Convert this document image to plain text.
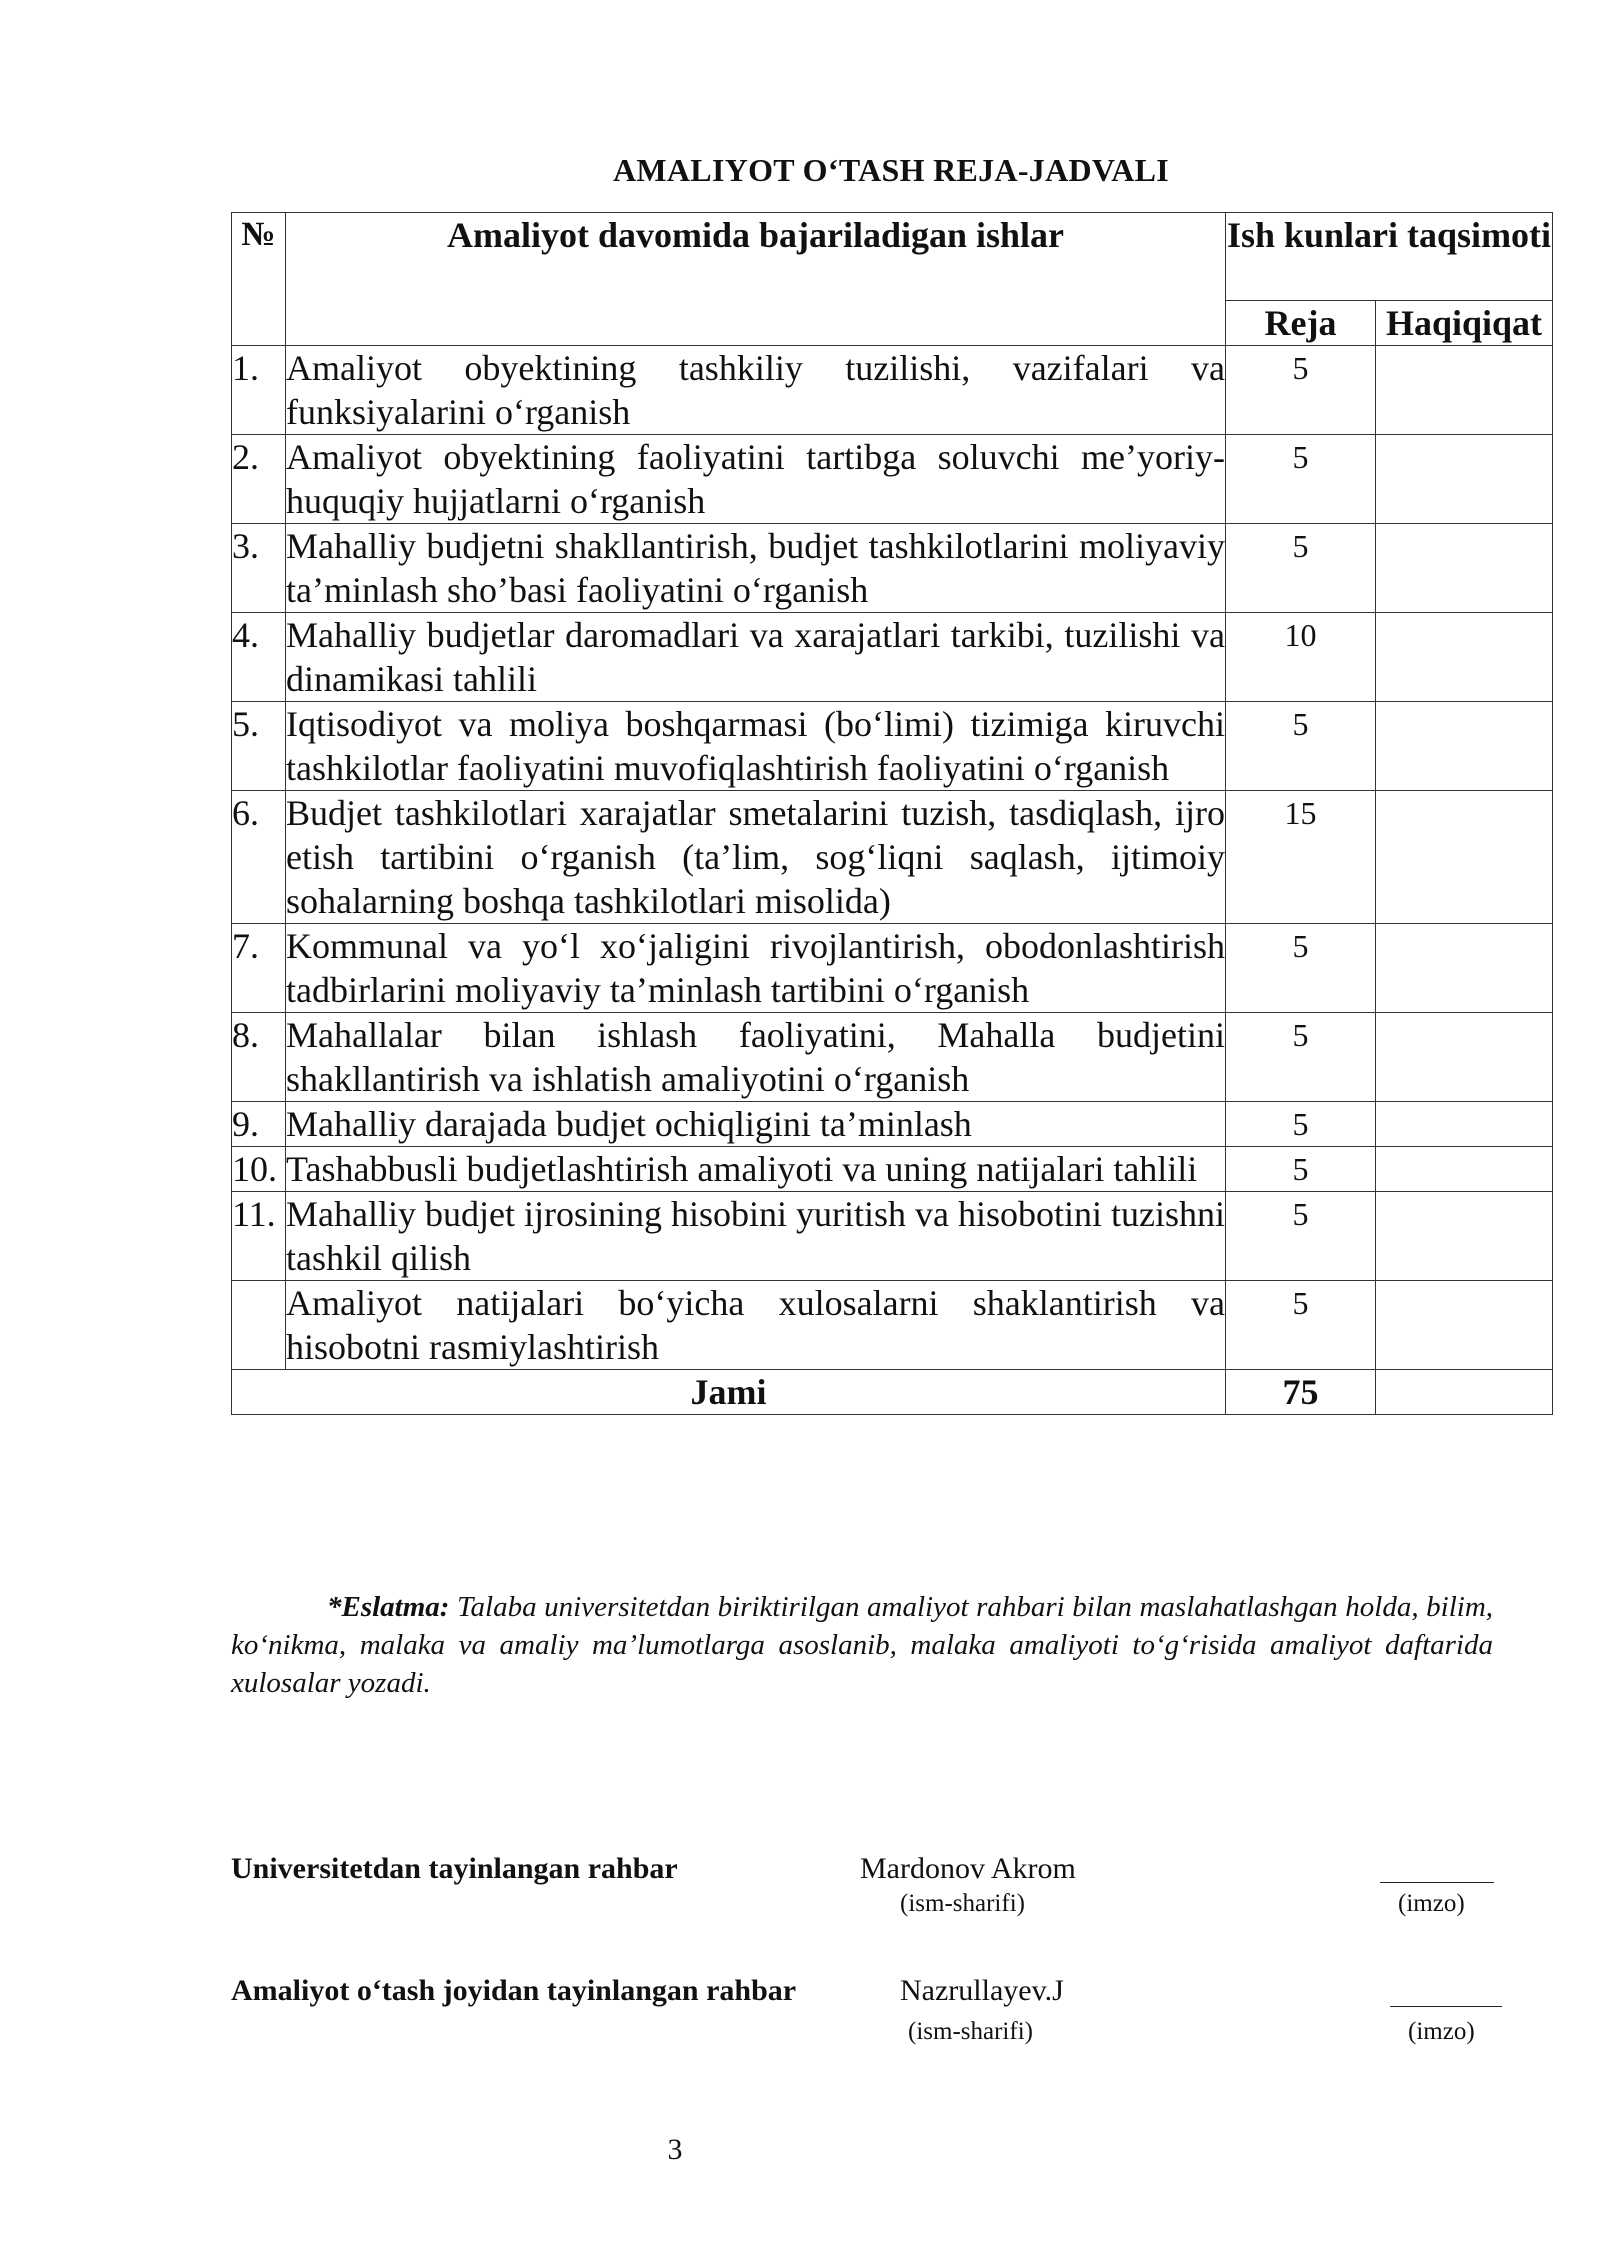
AMALIYOT O‘TASH REJA-JADVALI
№	Amaliyot davomida bajariladigan ishlar	Ish kunlari taqsimoti	
		Reja	Haqiqiqat
1.	Amaliyot obyektining tashkiliy tuzilishi, vazifalari va funksiyalarini o‘rganish	5	
2.	Amaliyot obyektining faoliyatini tartibga soluvchi me’yoriy-huquqiy hujjatlarni o‘rganish	5	
3.	Mahalliy budjetni shakllantirish, budjet tashkilotlarini moliyaviy ta’minlash sho’basi faoliyatini o‘rganish	5	
4.	Mahalliy budjetlar daromadlari va xarajatlari tarkibi, tuzilishi va dinamikasi tahlili	10	
5.	Iqtisodiyot va moliya boshqarmasi (bo‘limi) tizimiga kiruvchi tashkilotlar faoliyatini muvofiqlashtirish faoliyatini o‘rganish	5	
6.	Budjet tashkilotlari xarajatlar smetalarini tuzish, tasdiqlash, ijro etish tartibini o‘rganish (ta’lim, sog‘liqni saqlash, ijtimoiy sohalarning boshqa tashkilotlari misolida)	15	
7.	Kommunal va yo‘l xo‘jaligini rivojlantirish, obodonlashtirish tadbirlarini moliyaviy ta’minlash tartibini o‘rganish	5	
8.	Mahallalar bilan ishlash faoliyatini, Mahalla budjetini shakllantirish va ishlatish amaliyotini o‘rganish	5	
9.	Mahalliy darajada budjet ochiqligini ta’minlash	5	
10.	Tashabbusli budjetlashtirish amaliyoti va uning natijalari tahlili	5	
11.	Mahalliy budjet ijrosining hisobini yuritish va hisobotini tuzishni tashkil qilish	5	
	Amaliyot natijalari bo‘yicha xulosalarni shaklantirish va hisobotni rasmiylashtirish	5	
Jami		75	
*Eslatma: Talaba universitetdan biriktirilgan amaliyot rahbari bilan maslahatlashgan holda, bilim, ko‘nikma, malaka va amaliy ma’lumotlarga asoslanib, malaka amaliyoti to‘g‘risida amaliyot daftarida xulosalar yozadi.
Universitetdan tayinlangan rahbar	Mardonov Akrom
(ism-sharifi)	(imzo)
Amaliyot o‘tash joyidan tayinlangan rahbar	Nazrullayev.J
(ism-sharifi)	(imzo)
3
